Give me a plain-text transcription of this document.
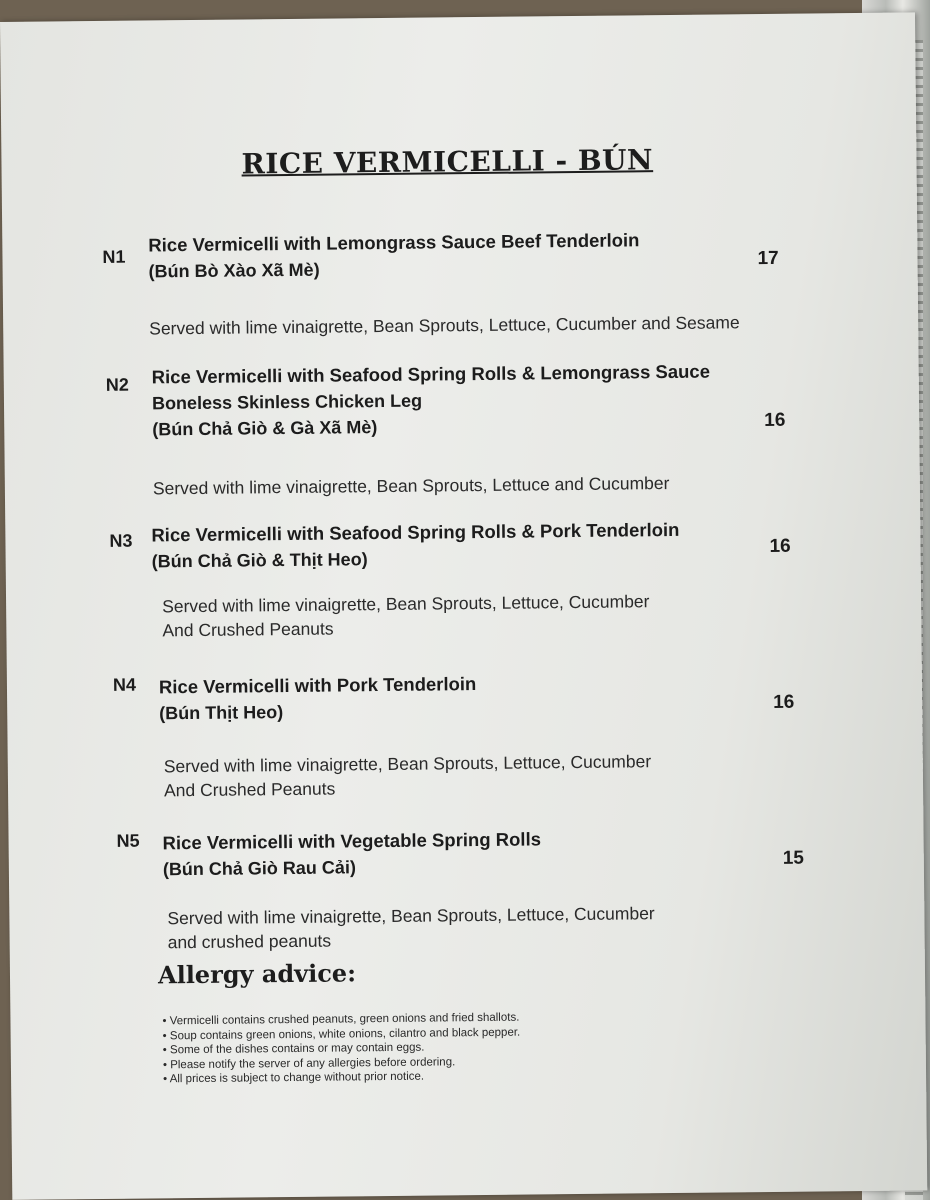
RICE VERMICELLI - BÚN
N1
Rice Vermicelli with Lemongrass Sauce Beef Tenderloin
(Bún Bò Xào Xã Mè)
17
Served with lime vinaigrette, Bean Sprouts, Lettuce, Cucumber and Sesame
N2 Rice Vermicelli with Seafood Spring Rolls & Lemongrass Sauce
Boneless Skinless Chicken Leg
(Bún Chả Giò & Gà Xã Mè)	16
Served with lime vinaigrette, Bean Sprouts, Lettuce and Cucumber
N3 Rice Vermicelli with Seafood Spring Rolls & Pork Tenderloin
(Bún Chả Giò & Thịt Heo)
16
Served with lime vinaigrette, Bean Sprouts, Lettuce, Cucumber
And Crushed Peanuts
N4 Rice Vermicelli with Pork Tenderloin
(Bún Thịt Heo)	16
Served with lime vinaigrette, Bean Sprouts, Lettuce, Cucumber
And Crushed Peanuts
N5 Rice Vermicelli with Vegetable Spring Rolls
(Bún Chả Giò Rau Cải)	15
Served with lime vinaigrette, Bean Sprouts, Lettuce, Cucumber
and crushed peanuts
Allergy advice:
• Vermicelli contains crushed peanuts, green onions and fried shallots.
• Soup contains green onions, white onions, cilantro and black pepper.
• Some of the dishes contains or may contain eggs.
• Please notify the server of any allergies before ordering.
• All prices is subject to change without prior notice.
